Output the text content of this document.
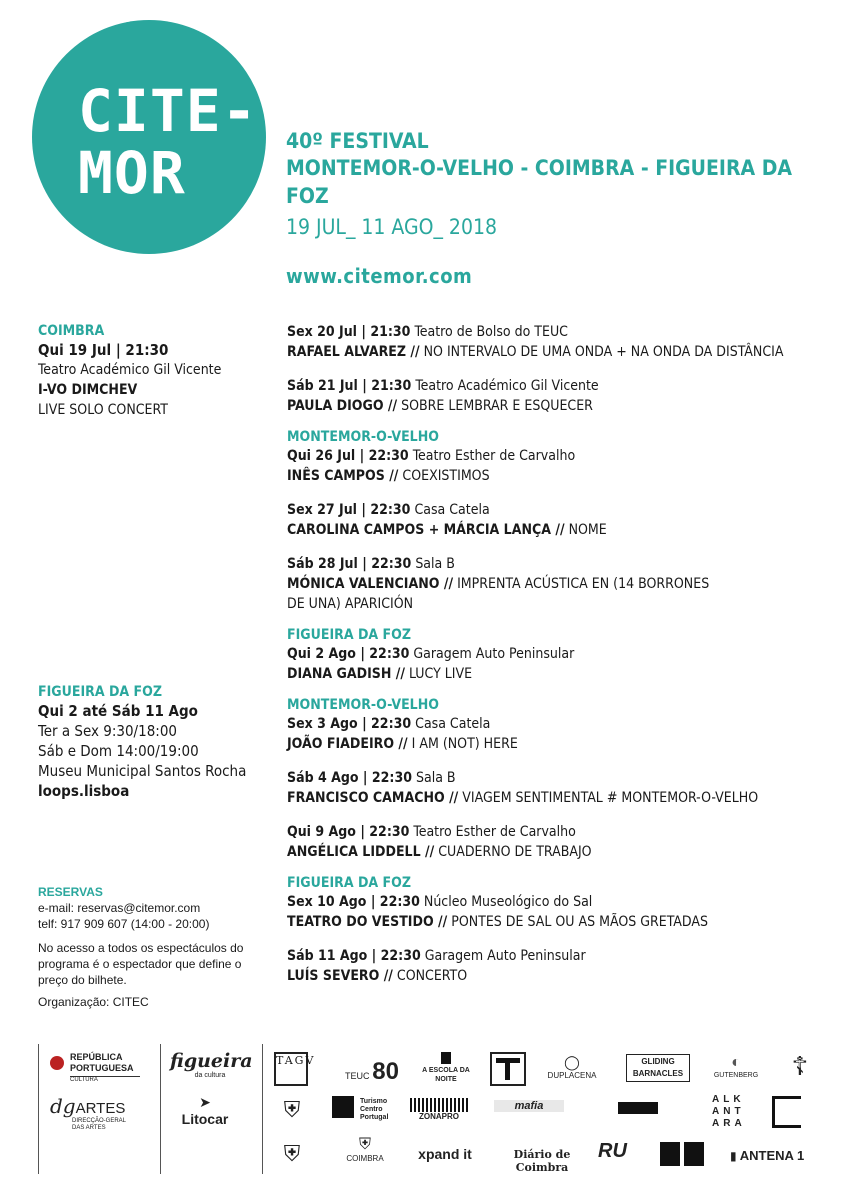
CITE-
MOR	40º FESTIVAL
MONTEMOR-O-VELHO - COIMBRA - FIGUEIRA DA FOZ
19 JUL_ 11 AGO_ 2018
www.citemor.com
COIMBRA
Qui 19 Jul | 21:30
Teatro Académico Gil Vicente
I-VO DIMCHEV
LIVE SOLO CONCERT
FIGUEIRA DA FOZ
Qui 2 até Sáb 11 Ago
Ter a Sex 9:30/18:00
Sáb e Dom 14:00/19:00
Museu Municipal Santos Rocha
loops.lisboa
RESERVAS
e-mail: reservas@citemor.com
telf: 917 909 607 (14:00 - 20:00)
No acesso a todos os espectáculos do programa é o espectador que define o preço do bilhete.
Organização: CITEC
Sex 20 Jul | 21:30 Teatro de Bolso do TEUC
RAFAEL ALVAREZ // NO INTERVALO DE UMA ONDA + NA ONDA DA DISTÂNCIA
Sáb 21 Jul | 21:30 Teatro Académico Gil Vicente
PAULA DIOGO // SOBRE LEMBRAR E ESQUECER
MONTEMOR-O-VELHO
Qui 26 Jul | 22:30 Teatro Esther de Carvalho
INÊS CAMPOS // COEXISTIMOS
Sex 27 Jul | 22:30 Casa Catela
CAROLINA CAMPOS + MÁRCIA LANÇA // NOME
Sáb 28 Jul | 22:30 Sala B
MÓNICA VALENCIANO // IMPRENTA ACÚSTICA EN (14 BORRONES DE UNA) APARICIÓN
FIGUEIRA DA FOZ
Qui 2 Ago | 22:30 Garagem Auto Peninsular
DIANA GADISH // LUCY LIVE
MONTEMOR-O-VELHO
Sex 3 Ago | 22:30 Casa Catela
JOÃO FIADEIRO // I AM (NOT) HERE
Sáb 4 Ago | 22:30 Sala B
FRANCISCO CAMACHO // VIAGEM SENTIMENTAL # MONTEMOR-O-VELHO
Qui 9 Ago | 22:30 Teatro Esther de Carvalho
ANGÉLICA LIDDELL // CUADERNO DE TRABAJO
FIGUEIRA DA FOZ
Sex 10 Ago | 22:30 Núcleo Museológico do Sal
TEATRO DO VESTIDO // PONTES DE SAL OU AS MÃOS GRETADAS
Sáb 11 Ago | 22:30 Garagem Auto Peninsular
LUÍS SEVERO // CONCERTO
REPÚBLICA PORTUGUESA
CULTURA
dgARTES
DIRECÇÃO-GERAL DAS ARTES
figueira
da cultura
➤
Litocar
TAGV
TEUC 80	A ESCOLA DA NOITE
◯
DUPLACENA
GLIDING BARNACLES
◐
GUTENBERG	☦
⛨	Turismo Centro Portugal	ZONAPRO
mafia
ALK ANT ARA
⛨	⛨
COIMBRA	xpand it	Diário de Coimbra
RU	▮ ANTENA 1
